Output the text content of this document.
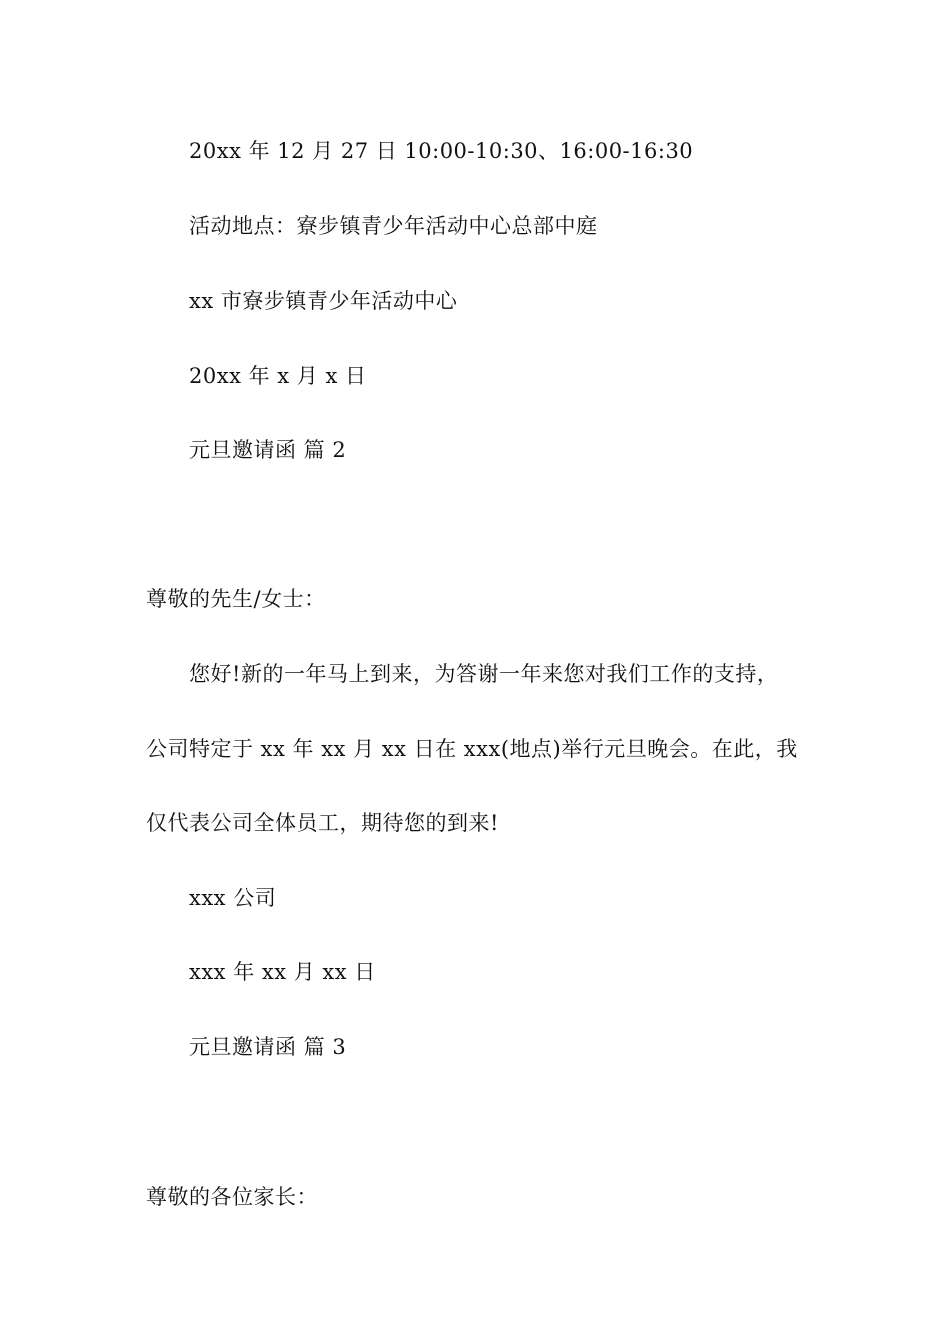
20xx 年 12 月 27 日 10:00-10:30、16:00-16:30
活动地点：寮步镇青少年活动中心总部中庭
xx 市寮步镇青少年活动中心
20xx 年 x 月 x 日
元旦邀请函 篇 2
尊敬的先生/女士：
您好!新的一年马上到来，为答谢一年来您对我们工作的支持，
公司特定于 xx 年 xx 月 xx 日在 xxx(地点)举行元旦晚会。在此，我
仅代表公司全体员工，期待您的到来!
xxx 公司
xxx 年 xx 月 xx 日
元旦邀请函 篇 3
尊敬的各位家长：
